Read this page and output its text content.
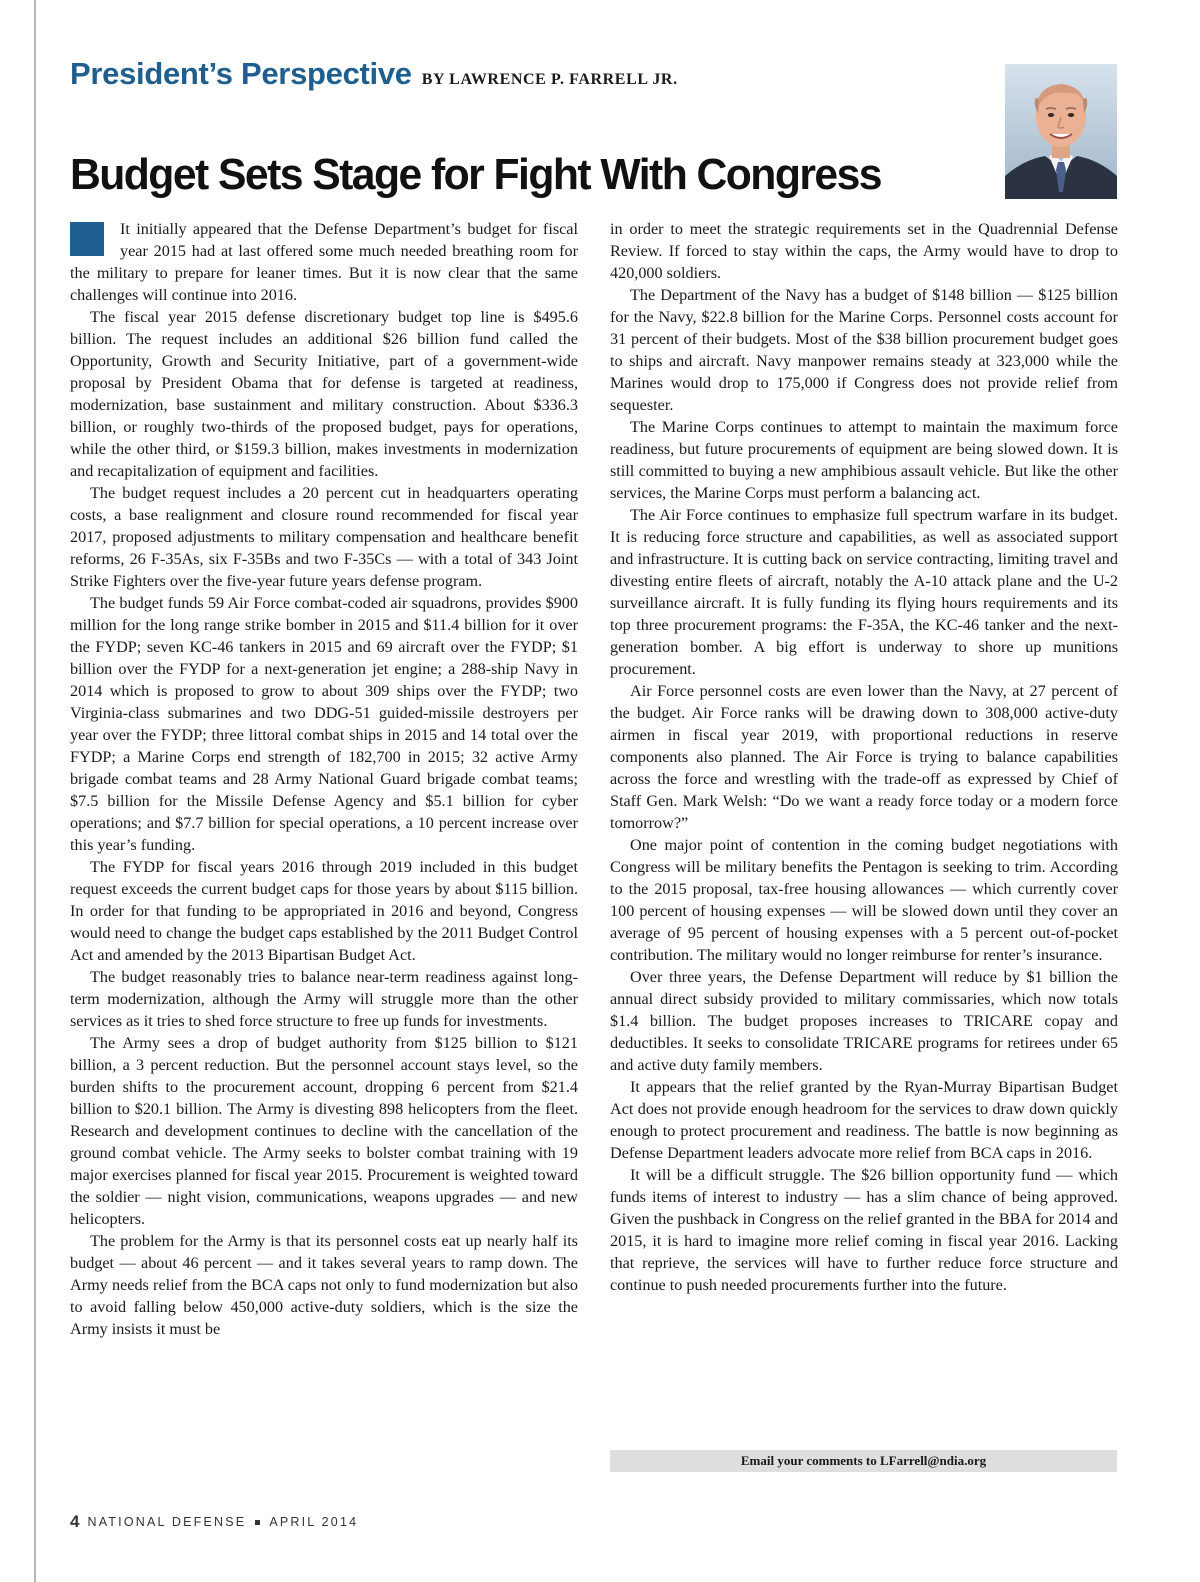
President’s Perspective BY LAWRENCE P. FARRELL JR.
Budget Sets Stage for Fight With Congress

It initially appeared that the Defense Department’s budget for fiscal year 2015 had at last offered some much needed breathing room for the military to prepare for leaner times. But it is now clear that the same challenges will continue into 2016.

The fiscal year 2015 defense discretionary budget top line is $495.6 billion. The request includes an additional $26 billion fund called the Opportunity, Growth and Security Initiative, part of a government-wide proposal by President Obama that for defense is targeted at readiness, modernization, base sustainment and military construction. About $336.3 billion, or roughly two-thirds of the proposed budget, pays for operations, while the other third, or $159.3 billion, makes investments in modernization and recapitalization of equipment and facilities.

The budget request includes a 20 percent cut in headquarters operating costs, a base realignment and closure round recommended for fiscal year 2017, proposed adjustments to military compensation and healthcare benefit reforms, 26 F-35As, six F-35Bs and two F-35Cs — with a total of 343 Joint Strike Fighters over the five-year future years defense program.

The budget funds 59 Air Force combat-coded air squadrons, provides $900 million for the long range strike bomber in 2015 and $11.4 billion for it over the FYDP; seven KC-46 tankers in 2015 and 69 aircraft over the FYDP; $1 billion over the FYDP for a next-generation jet engine; a 288-ship Navy in 2014 which is proposed to grow to about 309 ships over the FYDP; two Virginia-class submarines and two DDG-51 guided-missile destroyers per year over the FYDP; three littoral combat ships in 2015 and 14 total over the FYDP; a Marine Corps end strength of 182,700 in 2015; 32 active Army brigade combat teams and 28 Army National Guard brigade combat teams; $7.5 billion for the Missile Defense Agency and $5.1 billion for cyber operations; and $7.7 billion for special operations, a 10 percent increase over this year’s funding.

The FYDP for fiscal years 2016 through 2019 included in this budget request exceeds the current budget caps for those years by about $115 billion. In order for that funding to be appropriated in 2016 and beyond, Congress would need to change the budget caps established by the 2011 Budget Control Act and amended by the 2013 Bipartisan Budget Act.

The budget reasonably tries to balance near-term readiness against long-term modernization, although the Army will struggle more than the other services as it tries to shed force structure to free up funds for investments.

The Army sees a drop of budget authority from $125 billion to $121 billion, a 3 percent reduction. But the personnel account stays level, so the burden shifts to the procurement account, dropping 6 percent from $21.4 billion to $20.1 billion. The Army is divesting 898 helicopters from the fleet. Research and development continues to decline with the cancellation of the ground combat vehicle. The Army seeks to bolster combat training with 19 major exercises planned for fiscal year 2015. Procurement is weighted toward the soldier — night vision, communications, weapons upgrades — and new helicopters.

The problem for the Army is that its personnel costs eat up nearly half its budget — about 46 percent — and it takes several years to ramp down. The Army needs relief from the BCA caps not only to fund modernization but also to avoid falling below 450,000 active-duty soldiers, which is the size the Army insists it must be

in order to meet the strategic requirements set in the Quadrennial Defense Review. If forced to stay within the caps, the Army would have to drop to 420,000 soldiers.

The Department of the Navy has a budget of $148 billion — $125 billion for the Navy, $22.8 billion for the Marine Corps. Personnel costs account for 31 percent of their budgets. Most of the $38 billion procurement budget goes to ships and aircraft. Navy manpower remains steady at 323,000 while the Marines would drop to 175,000 if Congress does not provide relief from sequester.

The Marine Corps continues to attempt to maintain the maximum force readiness, but future procurements of equipment are being slowed down. It is still committed to buying a new amphibious assault vehicle. But like the other services, the Marine Corps must perform a balancing act.

The Air Force continues to emphasize full spectrum warfare in its budget. It is reducing force structure and capabilities, as well as associated support and infrastructure. It is cutting back on service contracting, limiting travel and divesting entire fleets of aircraft, notably the A-10 attack plane and the U-2 surveillance aircraft. It is fully funding its flying hours requirements and its top three procurement programs: the F-35A, the KC-46 tanker and the next-generation bomber. A big effort is underway to shore up munitions procurement.

Air Force personnel costs are even lower than the Navy, at 27 percent of the budget. Air Force ranks will be drawing down to 308,000 active-duty airmen in fiscal year 2019, with proportional reductions in reserve components also planned. The Air Force is trying to balance capabilities across the force and wrestling with the trade-off as expressed by Chief of Staff Gen. Mark Welsh: “Do we want a ready force today or a modern force tomorrow?”

One major point of contention in the coming budget negotiations with Congress will be military benefits the Pentagon is seeking to trim. According to the 2015 proposal, tax-free housing allowances — which currently cover 100 percent of housing expenses — will be slowed down until they cover an average of 95 percent of housing expenses with a 5 percent out-of-pocket contribution. The military would no longer reimburse for renter’s insurance.

Over three years, the Defense Department will reduce by $1 billion the annual direct subsidy provided to military commissaries, which now totals $1.4 billion. The budget proposes increases to TRICARE copay and deductibles. It seeks to consolidate TRICARE programs for retirees under 65 and active duty family members.

It appears that the relief granted by the Ryan-Murray Bipartisan Budget Act does not provide enough headroom for the services to draw down quickly enough to protect procurement and readiness. The battle is now beginning as Defense Department leaders advocate more relief from BCA caps in 2016.

It will be a difficult struggle. The $26 billion opportunity fund — which funds items of interest to industry — has a slim chance of being approved. Given the pushback in Congress on the relief granted in the BBA for 2014 and 2015, it is hard to imagine more relief coming in fiscal year 2016. Lacking that reprieve, the services will have to further reduce force structure and continue to push needed procurements further into the future.

Email your comments to LFarrell@ndia.org
4 NATIONAL DEFENSE APRIL 2014
